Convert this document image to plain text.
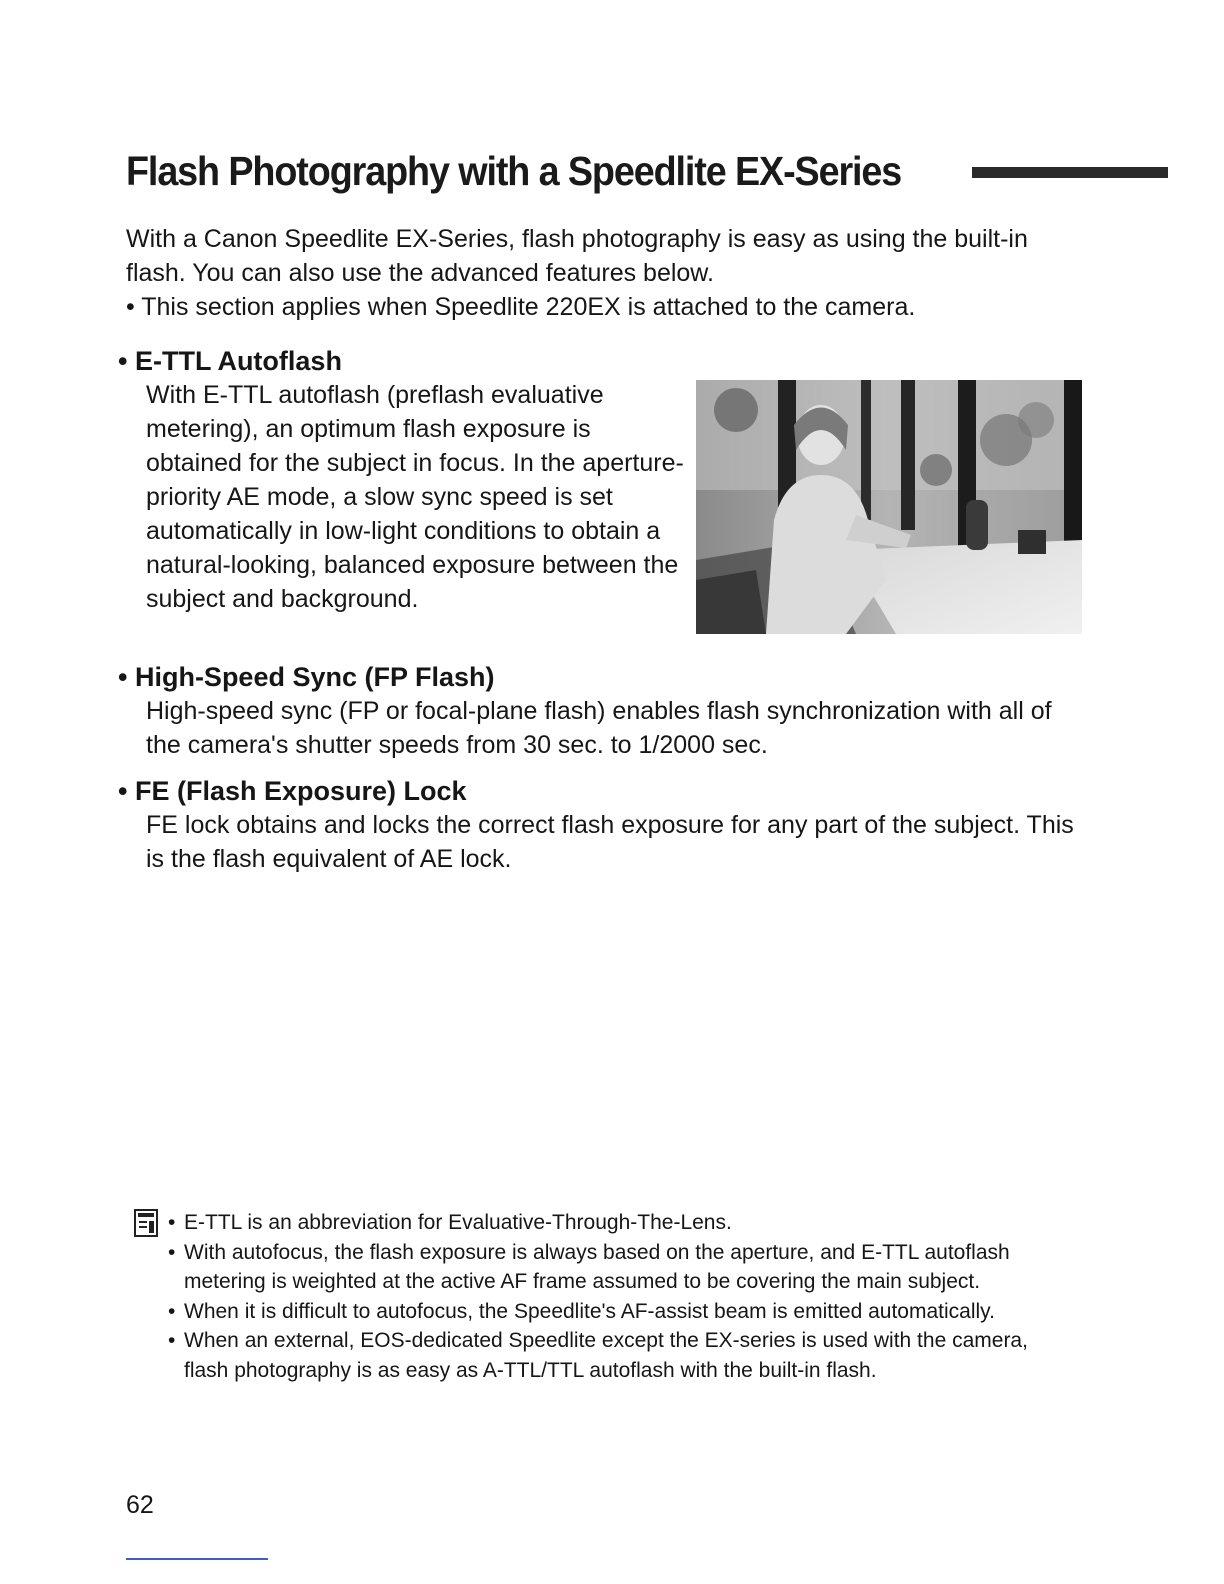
Flash Photography with a Speedlite EX-Series

With a Canon Speedlite EX-Series, flash photography is easy as using the built-in flash. You can also use the advanced features below.

• This section applies when Speedlite 220EX is attached to the camera.

• E-TTL Autoflash

With E-TTL autoflash (preflash evaluative metering), an optimum flash exposure is obtained for the subject in focus. In the aperture-priority AE mode, a slow sync speed is set automatically in low-light conditions to obtain a natural-looking, balanced exposure between the subject and background.

• High-Speed Sync (FP Flash)

High-speed sync (FP or focal-plane flash) enables flash synchronization with all of the camera's shutter speeds from 30 sec. to 1/2000 sec.

• FE (Flash Exposure) Lock

FE lock obtains and locks the correct flash exposure for any part of the subject. This is the flash equivalent of AE lock.

• E-TTL is an abbreviation for Evaluative-Through-The-Lens.
• With autofocus, the flash exposure is always based on the aperture, and E-TTL autoflash metering is weighted at the active AF frame assumed to be covering the main subject.
• When it is difficult to autofocus, the Speedlite's AF-assist beam is emitted automatically.
• When an external, EOS-dedicated Speedlite except the EX-series is used with the camera, flash photography is as easy as A-TTL/TTL autoflash with the built-in flash.
62
